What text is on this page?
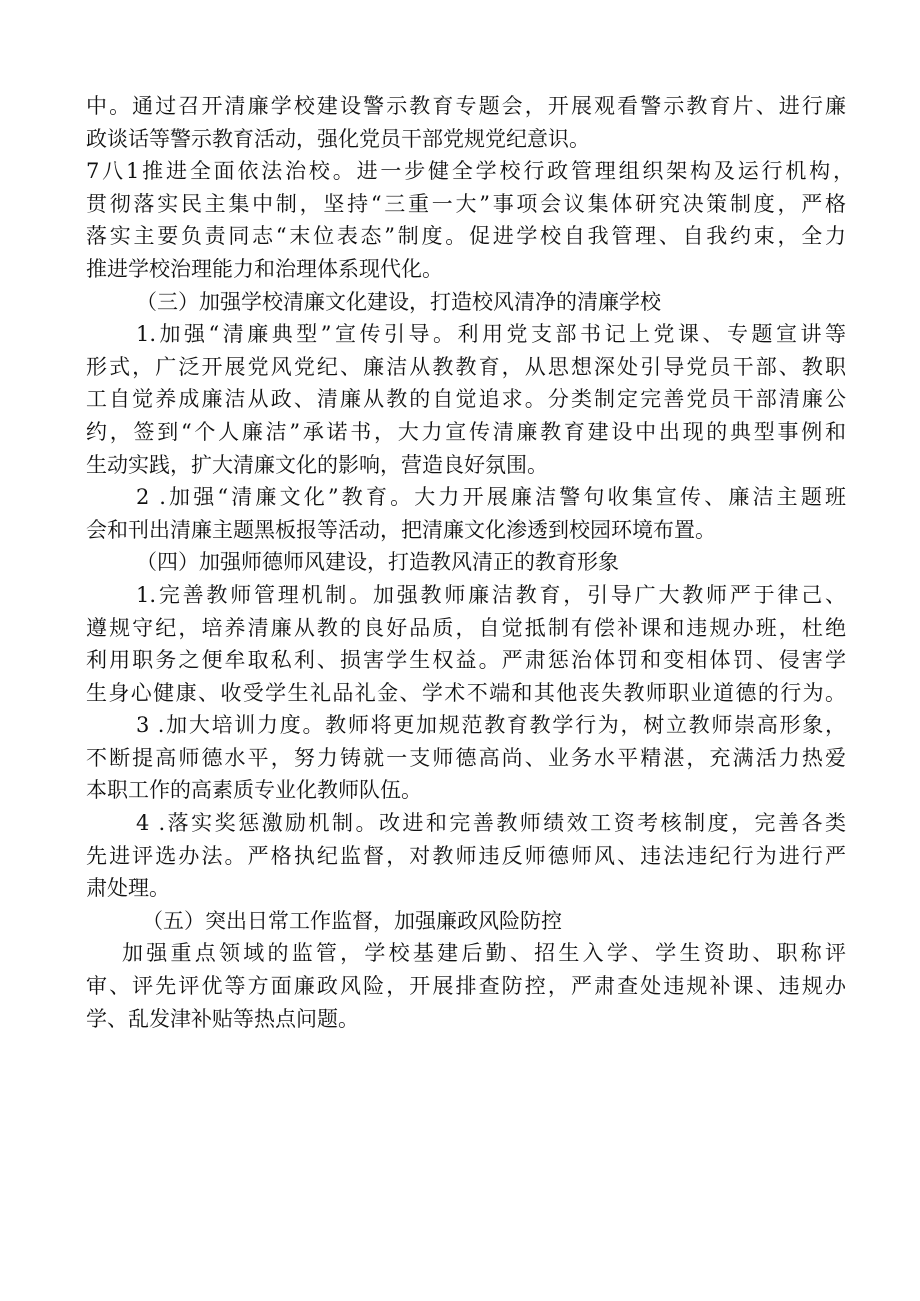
中。通过召开清廉学校建设警示教育专题会，开展观看警示教育片、进行廉
政谈话等警示教育活动，强化党员干部党规党纪意识。
7八1推进全面依法治校。进一步健全学校行政管理组织架构及运行机构，
贯彻落实民主集中制，坚持“三重一大”事项会议集体研究决策制度，严格
落实主要负责同志“末位表态”制度。促进学校自我管理、自我约束，全力
推进学校治理能力和治理体系现代化。
（三）加强学校清廉文化建设，打造校风清净的清廉学校
1.加强“清廉典型”宣传引导。利用党支部书记上党课、专题宣讲等
形式，广泛开展党风党纪、廉洁从教教育，从思想深处引导党员干部、教职
工自觉养成廉洁从政、清廉从教的自觉追求。分类制定完善党员干部清廉公
约，签到“个人廉洁”承诺书，大力宣传清廉教育建设中出现的典型事例和
生动实践，扩大清廉文化的影响，营造良好氛围。
2 .加强“清廉文化”教育。大力开展廉洁警句收集宣传、廉洁主题班
会和刊出清廉主题黑板报等活动，把清廉文化渗透到校园环境布置。
（四）加强师德师风建设，打造教风清正的教育形象
1.完善教师管理机制。加强教师廉洁教育，引导广大教师严于律己、
遵规守纪，培养清廉从教的良好品质，自觉抵制有偿补课和违规办班，杜绝
利用职务之便牟取私利、损害学生权益。严肃惩治体罚和变相体罚、侵害学
生身心健康、收受学生礼品礼金、学术不端和其他丧失教师职业道德的行为。
3 .加大培训力度。教师将更加规范教育教学行为，树立教师崇高形象，
不断提高师德水平，努力铸就一支师德高尚、业务水平精湛，充满活力热爱
本职工作的高素质专业化教师队伍。
4 .落实奖惩激励机制。改进和完善教师绩效工资考核制度，完善各类
先进评选办法。严格执纪监督，对教师违反师德师风、违法违纪行为进行严
肃处理。
（五）突出日常工作监督，加强廉政风险防控
加强重点领域的监管，学校基建后勤、招生入学、学生资助、职称评
审、评先评优等方面廉政风险，开展排查防控，严肃查处违规补课、违规办
学、乱发津补贴等热点问题。
